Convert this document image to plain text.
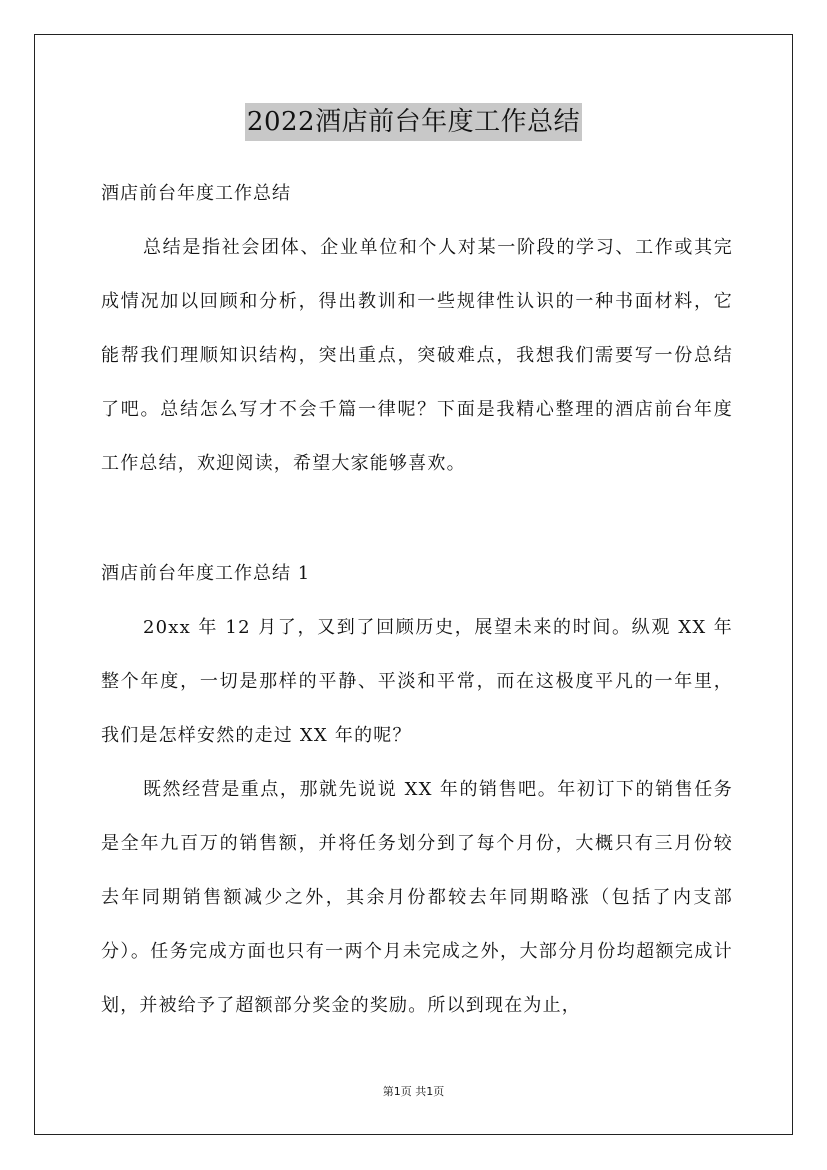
2022酒店前台年度工作总结
酒店前台年度工作总结

总结是指社会团体、企业单位和个人对某一阶段的学习、工作或其完成情况加以回顾和分析，得出教训和一些规律性认识的一种书面材料，它能帮我们理顺知识结构，突出重点，突破难点，我想我们需要写一份总结了吧。总结怎么写才不会千篇一律呢？下面是我精心整理的酒店前台年度工作总结，欢迎阅读，希望大家能够喜欢。

酒店前台年度工作总结 1

20xx 年 12 月了，又到了回顾历史，展望未来的时间。纵观 XX 年整个年度，一切是那样的平静、平淡和平常，而在这极度平凡的一年里，我们是怎样安然的走过 XX 年的呢？

既然经营是重点，那就先说说 XX 年的销售吧。年初订下的销售任务是全年九百万的销售额，并将任务划分到了每个月份，大概只有三月份较去年同期销售额减少之外，其余月份都较去年同期略涨（包括了内支部分）。任务完成方面也只有一两个月未完成之外，大部分月份均超额完成计划，并被给予了超额部分奖金的奖励。所以到现在为止，

第1页 共1页
